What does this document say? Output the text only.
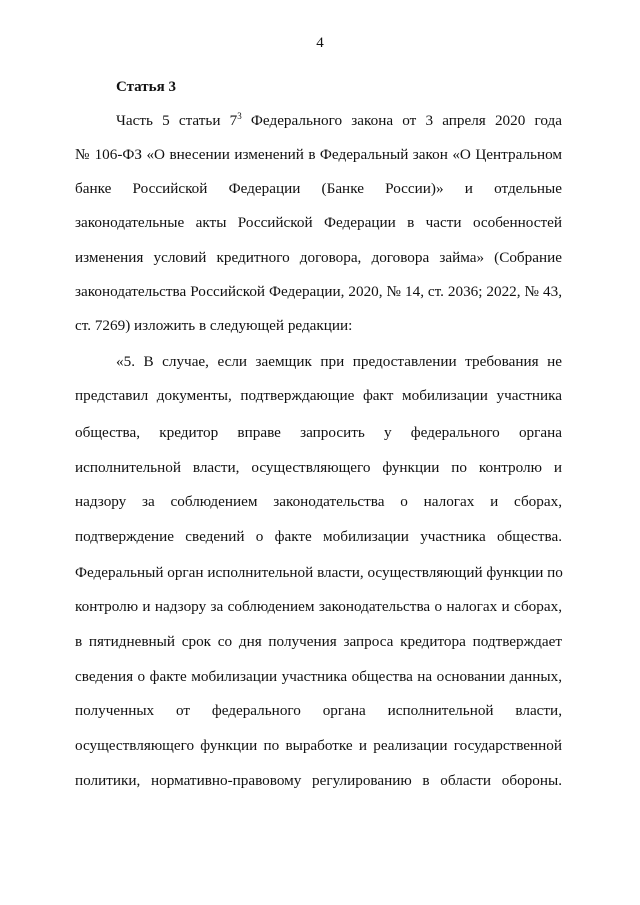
4
Статья 3
Часть 5 статьи $7^3$ Федерального закона от 3 апреля 2020 года
№ 106-ФЗ «О внесении изменений в Федеральный закон «О Центральном
банке Российской Федерации (Банке России)» и отдельные
законодательные акты Российской Федерации в части особенностей
изменения условий кредитного договора, договора займа» (Собрание
законодательства Российской Федерации, 2020, № 14, ст. 2036; 2022, № 43,
ст. 7269) изложить в следующей редакции:
«5. В случае, если заемщик при предоставлении требования не
представил документы, подтверждающие факт мобилизации участника
общества, кредитор вправе запросить у федерального органа
исполнительной власти, осуществляющего функции по контролю и
надзору за соблюдением законодательства о налогах и сборах,
подтверждение сведений о факте мобилизации участника общества.
Федеральный орган исполнительной власти, осуществляющий функции по
контролю и надзору за соблюдением законодательства о налогах и сборах,
в пятидневный срок со дня получения запроса кредитора подтверждает
сведения о факте мобилизации участника общества на основании данных,
полученных от федерального органа исполнительной власти,
осуществляющего функции по выработке и реализации государственной
политики, нормативно-правовому регулированию в области обороны.
